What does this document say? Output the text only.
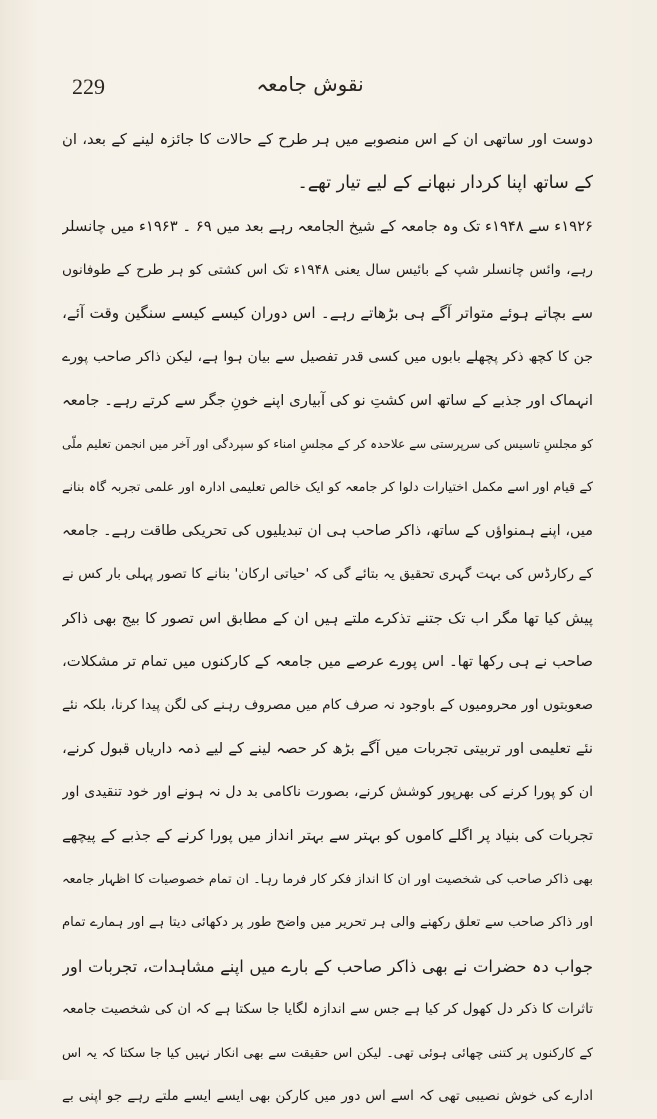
229	نقوش جامعہ
دوست اور ساتھی ان کے اس منصوبے میں ہر طرح کے حالات کا جائزہ لینے کے بعد، ان
کے ساتھ اپنا کردار نبھانے کے لیے تیار تھے۔
۱۹۲۶ء سے ۱۹۴۸ء تک وہ جامعہ کے شیخ الجامعہ رہے بعد میں ۶۹ ۔ ۱۹۶۳ء میں چانسلر
رہے، وائس چانسلر شپ کے بائیس سال یعنی ۱۹۴۸ء تک اس کشتی کو ہر طرح کے طوفانوں
سے بچاتے ہوئے متواتر آگے ہی بڑھاتے رہے۔ اس دوران کیسے کیسے سنگین وقت آئے،
جن کا کچھ ذکر پچھلے بابوں میں کسی قدر تفصیل سے بیان ہوا ہے، لیکن ذاکر صاحب پورے
انہماک اور جذبے کے ساتھ اس کشتِ نو کی آبیاری اپنے خونِ جگر سے کرتے رہے۔ جامعہ
کو مجلسِ تاسیس کی سرپرستی سے علاحدہ کر کے مجلسِ امناء کو سپردگی اور آخر میں انجمن تعلیم ملّی
کے قیام اور اسے مکمل اختیارات دلوا کر جامعہ کو ایک خالص تعلیمی ادارہ اور علمی تجربہ گاہ بنانے
میں، اپنے ہمنواؤں کے ساتھ، ذاکر صاحب ہی ان تبدیلیوں کی تحریکی طاقت رہے۔ جامعہ
کے رکارڈس کی بہت گہری تحقیق یہ بتائے گی کہ 'حیاتی ارکان' بنانے کا تصور پہلی بار کس نے
پیش کیا تھا مگر اب تک جتنے تذکرے ملتے ہیں ان کے مطابق اس تصور کا بیج بھی ذاکر
صاحب نے ہی رکھا تھا۔ اس پورے عرصے میں جامعہ کے کارکنوں میں تمام تر مشکلات،
صعوبتوں اور محرومیوں کے باوجود نہ صرف کام میں مصروف رہنے کی لگن پیدا کرنا، بلکہ نئے
نئے تعلیمی اور تربیتی تجربات میں آگے بڑھ کر حصہ لینے کے لیے ذمہ داریاں قبول کرنے،
ان کو پورا کرنے کی بھرپور کوشش کرنے، بصورت ناکامی بد دل نہ ہونے اور خود تنقیدی اور
تجربات کی بنیاد پر اگلے کاموں کو بہتر سے بہتر انداز میں پورا کرنے کے جذبے کے پیچھے
بھی ذاکر صاحب کی شخصیت اور ان کا انداز فکر کار فرما رہا۔ ان تمام خصوصیات کا اظہار جامعہ
اور ذاکر صاحب سے تعلق رکھنے والی ہر تحریر میں واضح طور پر دکھائی دیتا ہے اور ہمارے تمام
جواب دہ حضرات نے بھی ذاکر صاحب کے بارے میں اپنے مشاہدات، تجربات اور
تاثرات کا ذکر دل کھول کر کیا ہے جس سے اندازہ لگایا جا سکتا ہے کہ ان کی شخصیت جامعہ
کے کارکنوں پر کتنی چھائی ہوئی تھی۔ لیکن اس حقیقت سے بھی انکار نہیں کیا جا سکتا کہ یہ اس
ادارے کی خوش نصیبی تھی کہ اسے اس دور میں کارکن بھی ایسے ایسے ملتے رہے جو اپنی بے
